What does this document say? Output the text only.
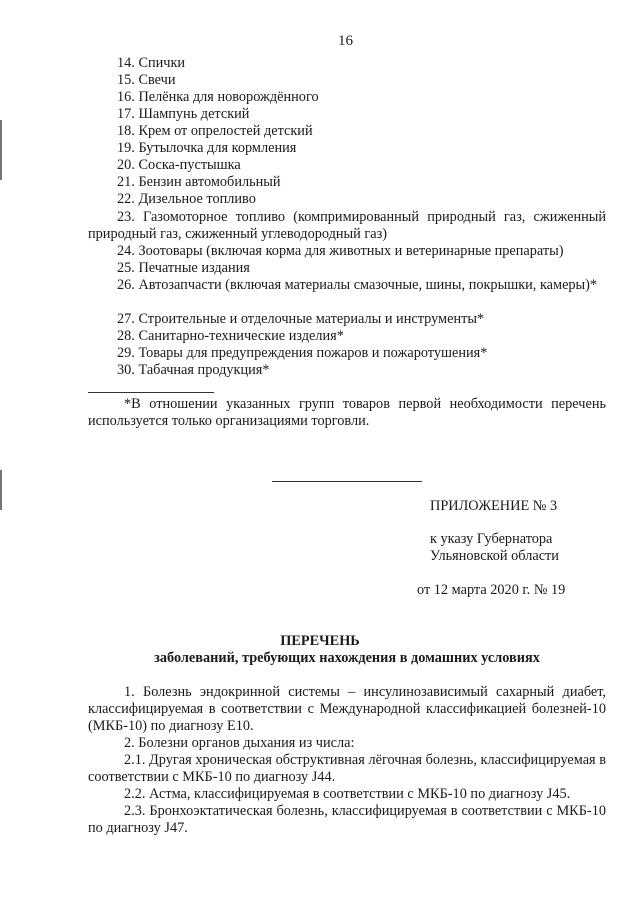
16
14. Спички
15. Свечи
16. Пелёнка для новорождённого
17. Шампунь детский
18. Крем от опрелостей детский
19. Бутылочка для кормления
20. Соска-пустышка
21. Бензин автомобильный
22. Дизельное топливо
23. Газомоторное топливо (компримированный природный газ, сжиженный природный газ, сжиженный углеводородный газ)
24. Зоотовары (включая корма для животных и ветеринарные препараты)
25. Печатные издания
26. Автозапчасти (включая материалы смазочные, шины, покрышки, камеры)*
27. Строительные и отделочные материалы и инструменты*
28. Санитарно-технические изделия*
29. Товары для предупреждения пожаров и пожаротушения*
30. Табачная продукция*
*В отношении указанных групп товаров первой необходимости перечень используется только организациями торговли.
ПРИЛОЖЕНИЕ № 3
к указу Губернатора
Ульяновской области
от 12 марта 2020 г. № 19
ПЕРЕЧЕНЬ
заболеваний, требующих нахождения в домашних условиях
1. Болезнь эндокринной системы – инсулинозависимый сахарный диабет, классифицируемая в соответствии с Международной классификацией болезней-10 (МКБ-10) по диагнозу Е10.
2. Болезни органов дыхания из числа:
2.1. Другая хроническая обструктивная лёгочная болезнь, классифицируемая в соответствии с МКБ-10 по диагнозу J44.
2.2. Астма, классифицируемая в соответствии с МКБ-10 по диагнозу J45.
2.3. Бронхоэктатическая болезнь, классифицируемая в соответствии с МКБ-10 по диагнозу J47.
